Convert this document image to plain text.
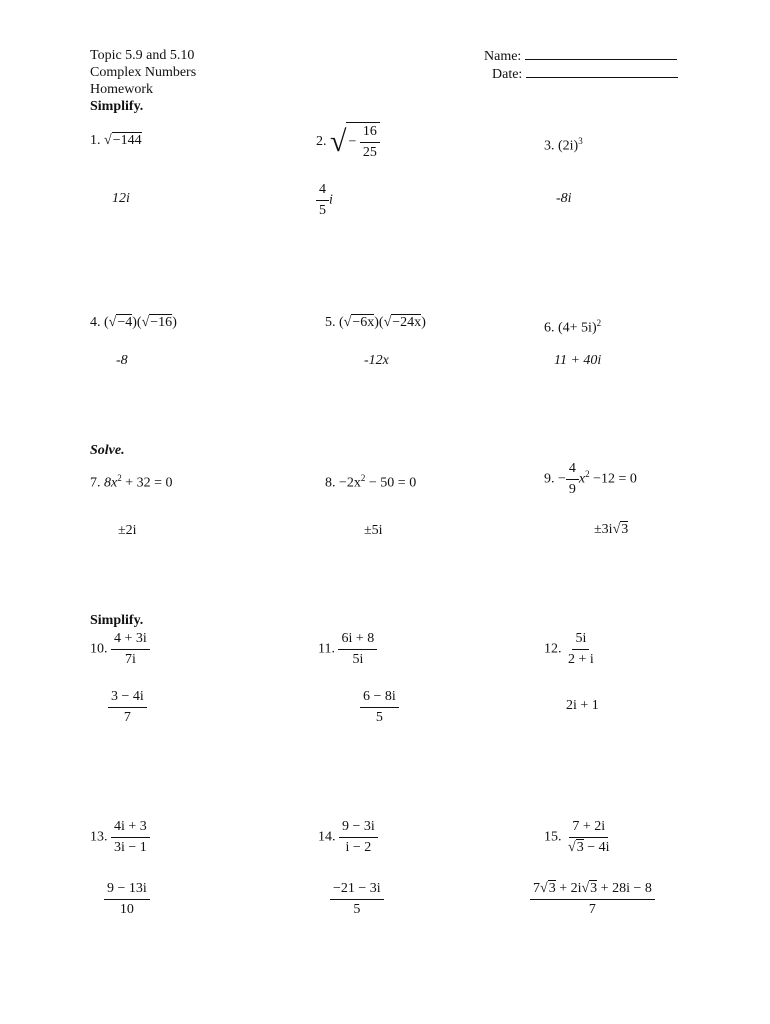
Topic 5.9 and 5.10
Complex Numbers
Homework
Simplify.
Name:
Date:
1. √−144
12i
2. √ − $\frac{16}{25}$
$\frac{4}{5}$ i
3. $(2i)^3$
-8i
4. (√−4)(√−16)
-8
5. (√−6x)(√−24x)
-12x
6. $(4+ 5i)^2$
11 + 40i
Solve.
7. $8x^2 + 32 = 0$
±2i
8. $-2x^2 - 50 = 0$
±5i
9. − $\frac{4}{9} x^2 -12 = 0$
±3i√3
Simplify.
10. $\frac{4 + 3i}{7i}$
$\frac{3 - 4i}{7}$
11. $\frac{6i + 8}{5i}$
$\frac{6 - 8i}{5}$
12. $\frac{5i}{2 + i}$
2i + 1
13. $\frac{4i + 3}{3i - 1}$
$\frac{9 - 13i}{10}$
14. $\frac{9 - 3i}{i - 2}$
$\frac{-21 - 3i}{5}$
15. $\frac{7 + 2i}{√3 - 4i}$
$\frac{7√3 + 2i√3 + 28i - 8}{7}$
